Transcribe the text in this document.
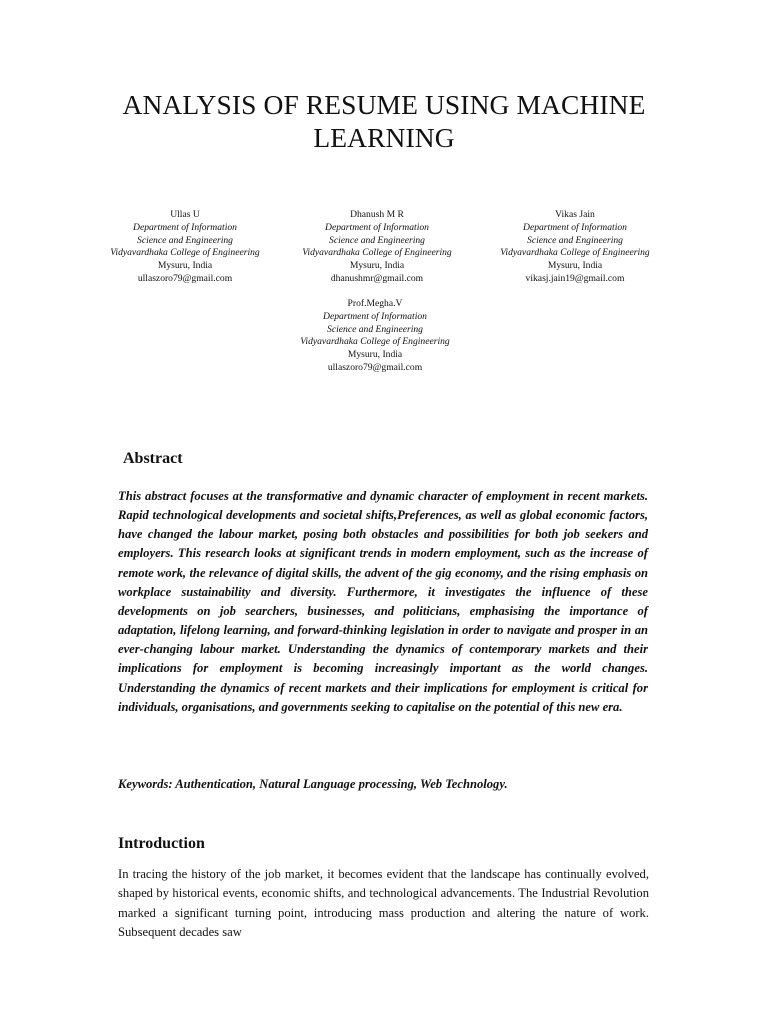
ANALYSIS OF RESUME USING MACHINE
LEARNING
Ullas U
Department of Information
Science and Engineering
Vidyavardhaka College of Engineering
Mysuru, India
ullaszoro79@gmail.com
Dhanush M R
Department of Information
Science and Engineering
Vidyavardhaka College of Engineering
Mysuru, India
dhanushmr@gmail.com
Vikas Jain
Department of Information
Science and Engineering
Vidyavardhaka College of Engineering
Mysuru, India
vikasj.jain19@gmail.com
Prof.Megha.V
Department of Information
Science and Engineering
Vidyavardhaka College of Engineering
Mysuru, India
ullaszoro79@gmail.com
Abstract

This abstract focuses at the transformative and dynamic character of employment in recent markets. Rapid technological developments and societal shifts,Preferences, as well as global economic factors, have changed the labour market, posing both obstacles and possibilities for both job seekers and employers. This research looks at significant trends in modern employment, such as the increase of remote work, the relevance of digital skills, the advent of the gig economy, and the rising emphasis on workplace sustainability and diversity. Furthermore, it investigates the influence of these developments on job searchers, businesses, and politicians, emphasising the importance of adaptation, lifelong learning, and forward-thinking legislation in order to navigate and prosper in an ever-changing labour market. Understanding the dynamics of contemporary markets and their implications for employment is becoming increasingly important as the world changes. Understanding the dynamics of recent markets and their implications for employment is critical for individuals, organisations, and governments seeking to capitalise on the potential of this new era.

Keywords: Authentication, Natural Language processing, Web Technology.

Introduction

In tracing the history of the job market, it becomes evident that the landscape has continually evolved, shaped by historical events, economic shifts, and technological advancements. The Industrial Revolution marked a significant turning point, introducing mass production and altering the nature of work. Subsequent decades saw
